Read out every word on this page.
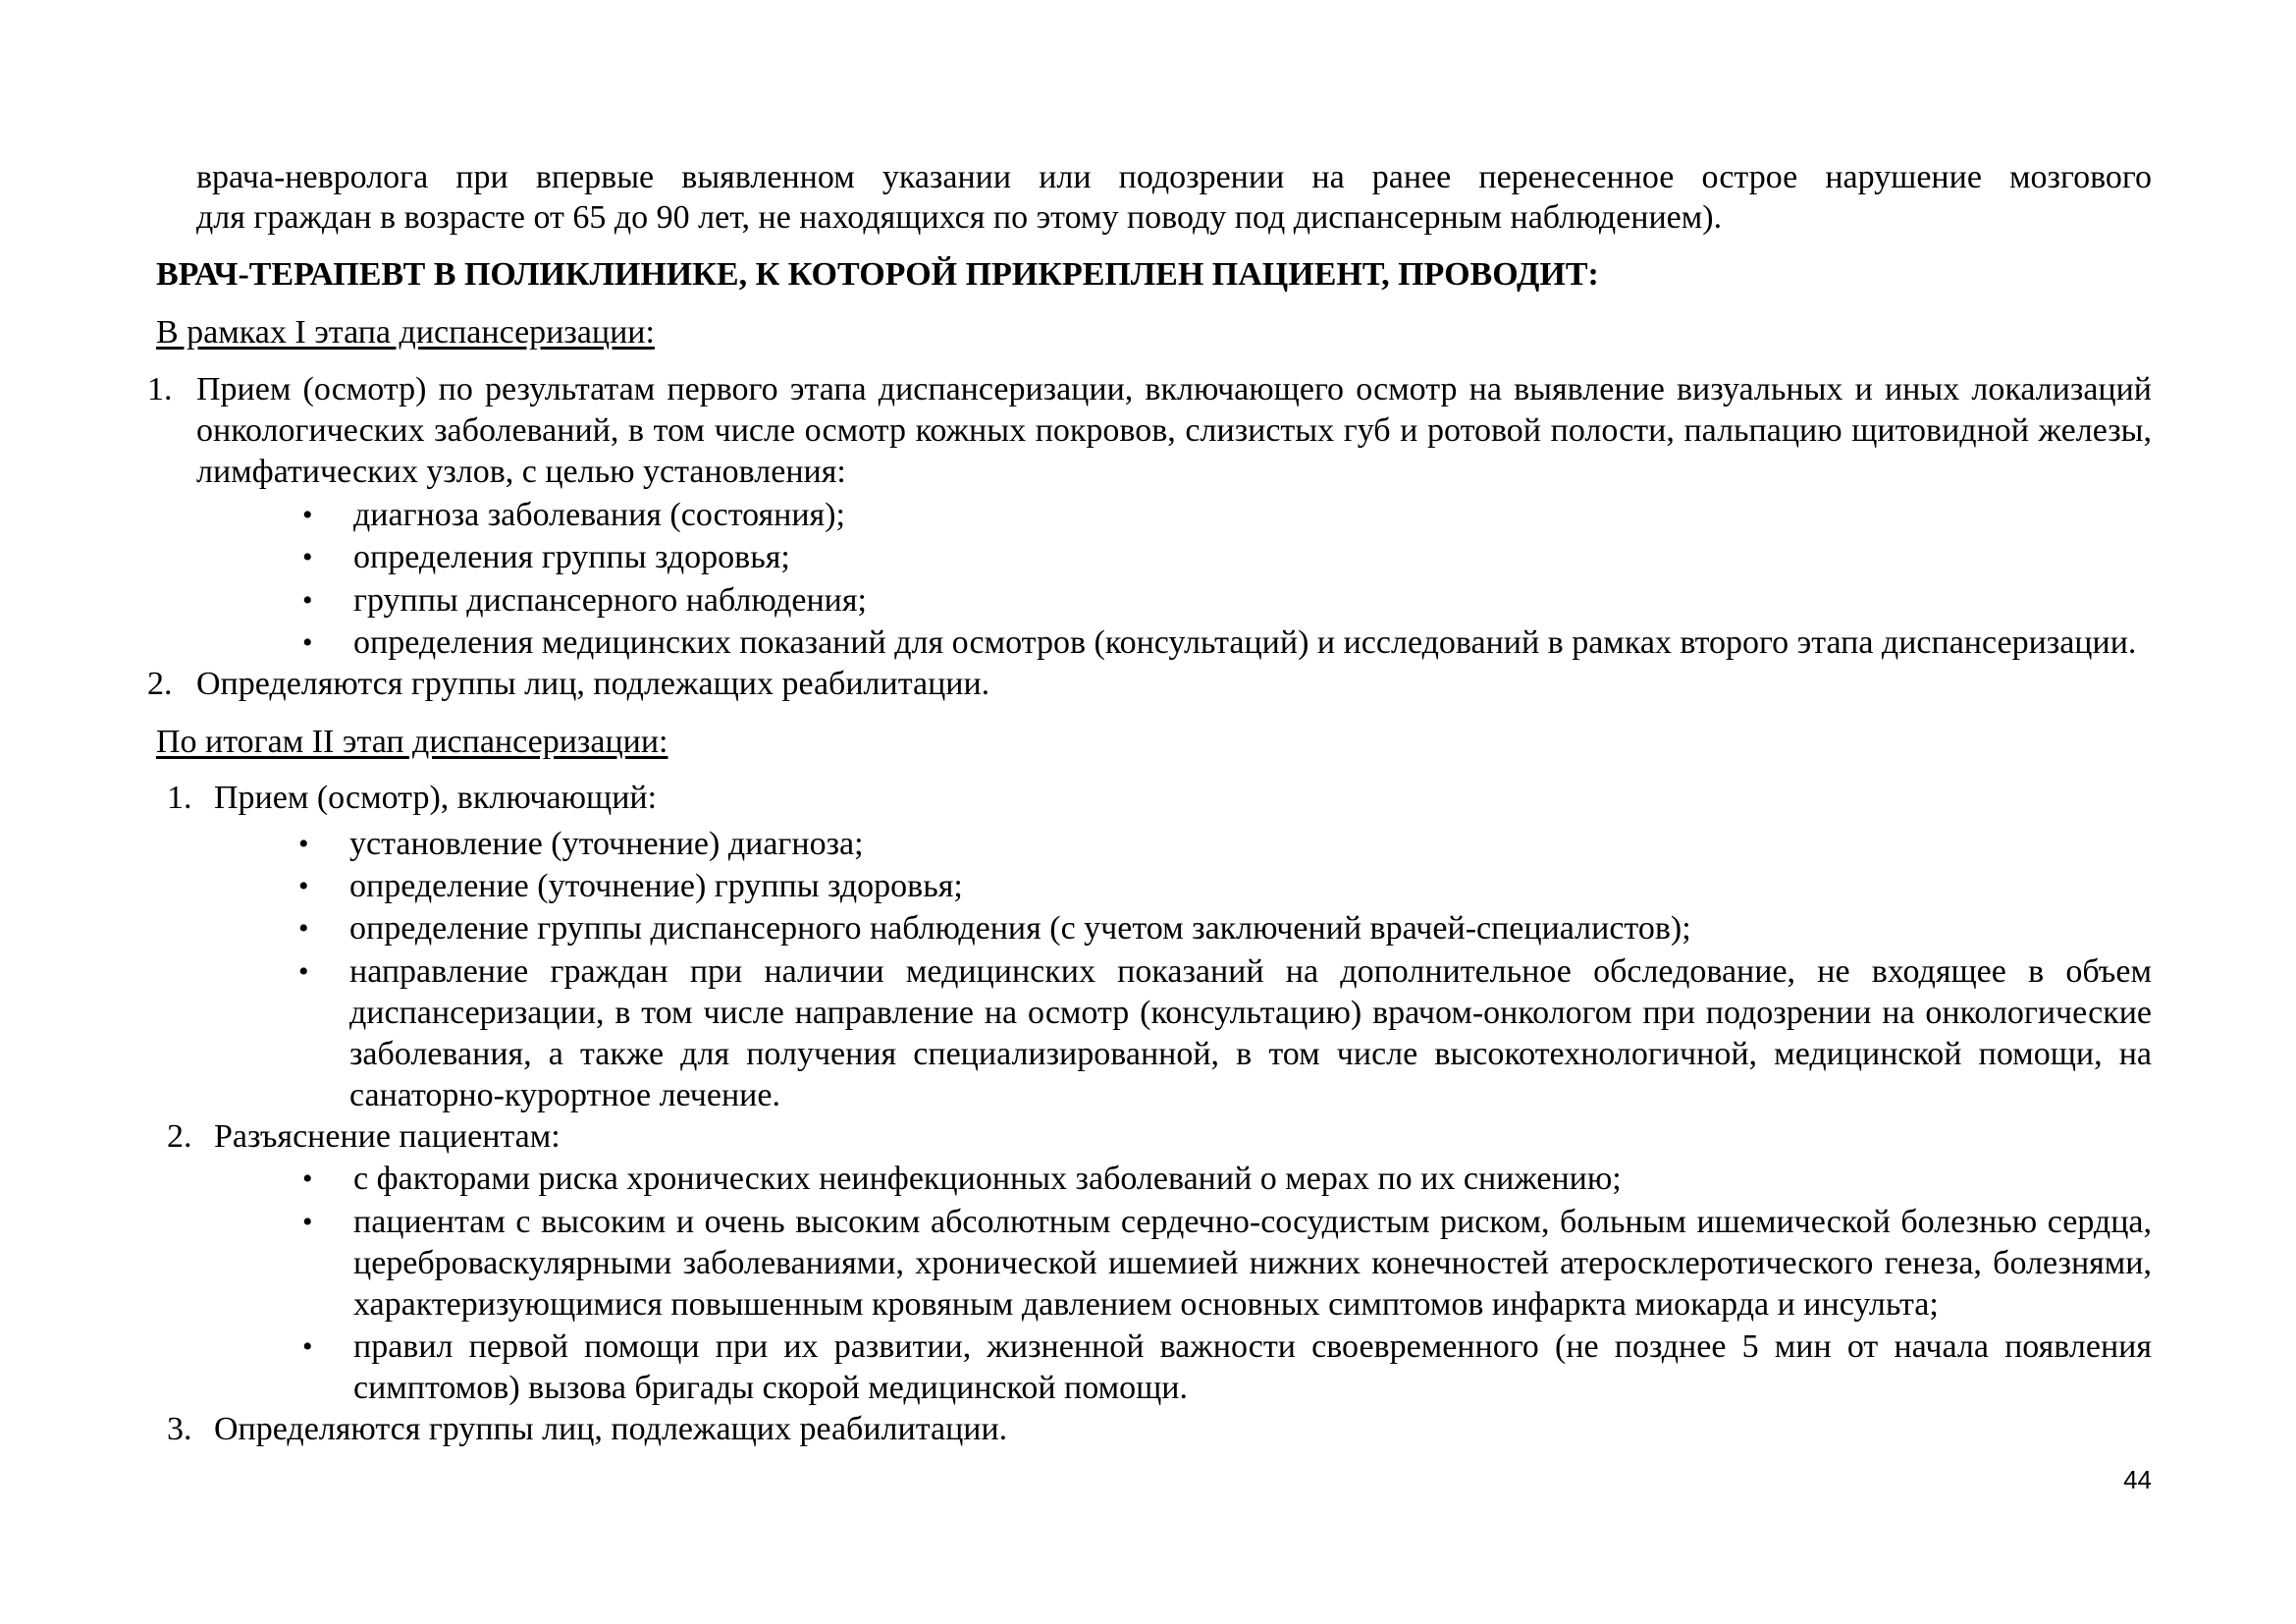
врача-невролога при впервые выявленном указании или подозрении на ранее перенесенное острое нарушение мозгового
для граждан в возрасте от 65 до 90 лет, не находящихся по этому поводу под диспансерным наблюдением).
ВРАЧ-ТЕРАПЕВТ В ПОЛИКЛИНИКЕ, К КОТОРОЙ ПРИКРЕПЛЕН ПАЦИЕНТ, ПРОВОДИТ:
В рамках I этапа диспансеризации:
1. Прием (осмотр) по результатам первого этапа диспансеризации, включающего осмотр на выявление визуальных и иных локализаций
онкологических заболеваний, в том числе осмотр кожных покровов, слизистых губ и ротовой полости, пальпацию щитовидной железы,
лимфатических узлов, с целью установления:
• диагноза заболевания (состояния);
• определения группы здоровья;
• группы диспансерного наблюдения;
• определения медицинских показаний для осмотров (консультаций) и исследований в рамках второго этапа диспансеризации.
2. Определяются группы лиц, подлежащих реабилитации.
По итогам II этап диспансеризации:
1. Прием (осмотр), включающий:
• установление (уточнение) диагноза;
• определение (уточнение) группы здоровья;
• определение группы диспансерного наблюдения (с учетом заключений врачей-специалистов);
• направление граждан при наличии медицинских показаний на дополнительное обследование, не входящее в объем
диспансеризации, в том числе направление на осмотр (консультацию) врачом-онкологом при подозрении на онкологические
заболевания, а также для получения специализированной, в том числе высокотехнологичной, медицинской помощи, на
санаторно-курортное лечение.
2. Разъяснение пациентам:
• с факторами риска хронических неинфекционных заболеваний о мерах по их снижению;
• пациентам с высоким и очень высоким абсолютным сердечно-сосудистым риском, больным ишемической болезнью сердца,
цереброваскулярными заболеваниями, хронической ишемией нижних конечностей атеросклеротического генеза, болезнями,
характеризующимися повышенным кровяным давлением основных симптомов инфаркта миокарда и инсульта;
• правил первой помощи при их развитии, жизненной важности своевременного (не позднее 5 мин от начала появления
симптомов) вызова бригады скорой медицинской помощи.
3. Определяются группы лиц, подлежащих реабилитации.
44
